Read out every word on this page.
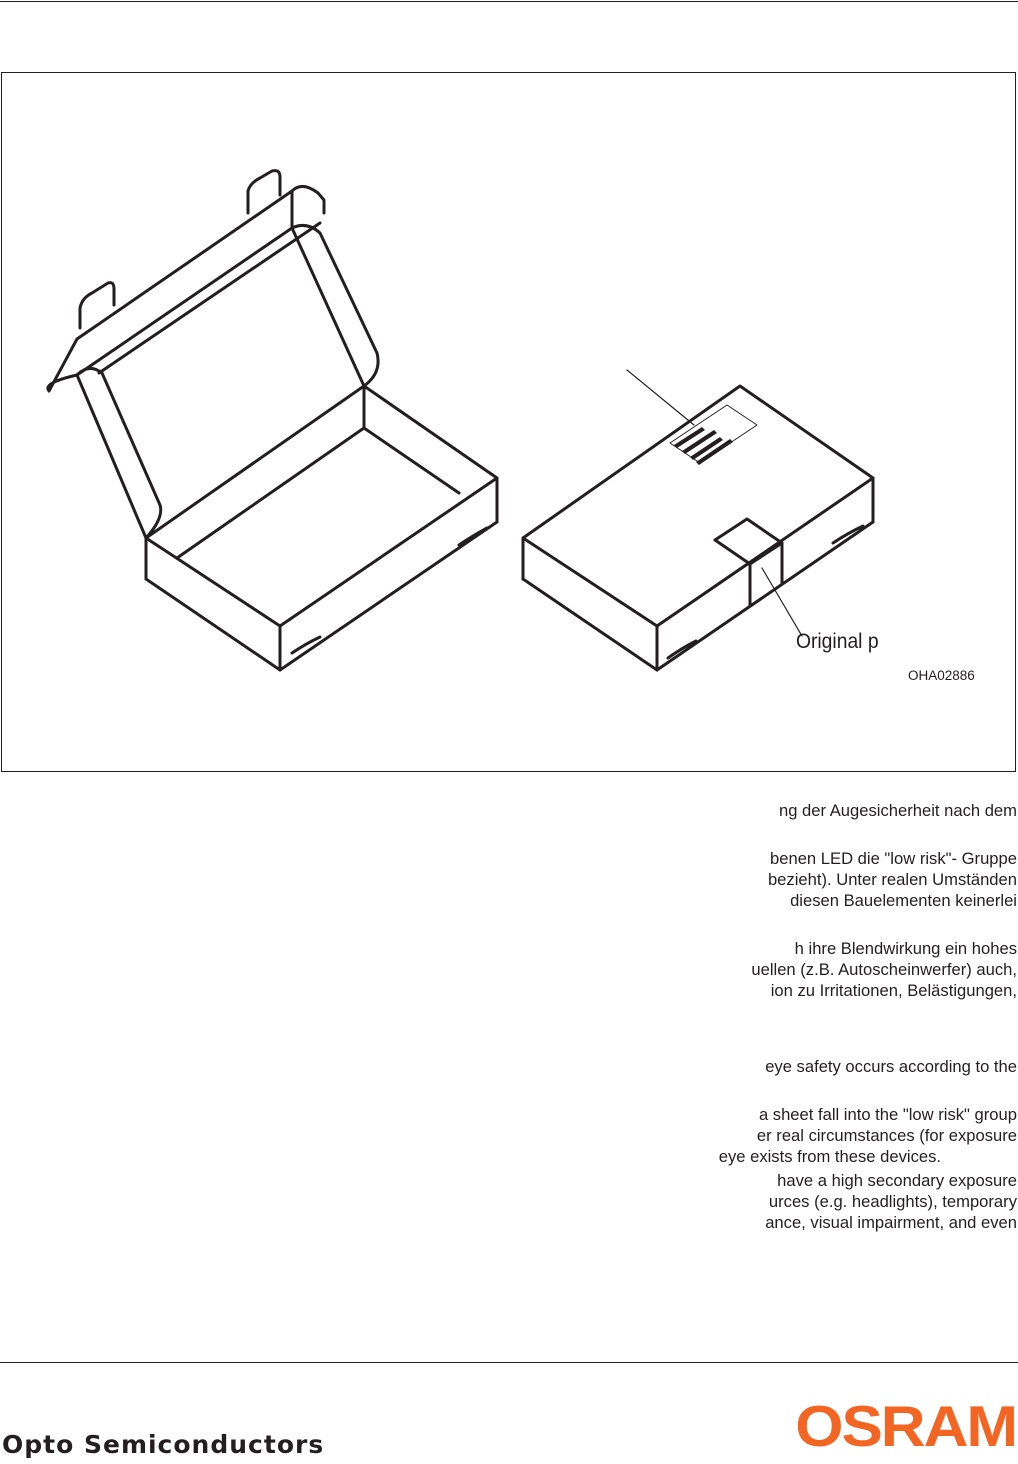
Original p
OHA02886
ng der Augesicherheit nach dem
benen LED die "low risk"- Gruppe
bezieht). Unter realen Umständen
diesen Bauelementen keinerlei
h ihre Blendwirkung ein hohes
uellen (z.B. Autoscheinwerfer) auch,
ion zu Irritationen, Belästigungen,
eye safety occurs according to the
a sheet fall into the "low risk" group
er real circumstances (for exposure
eye exists from these devices.
have a high secondary exposure
urces (e.g. headlights), temporary
ance, visual impairment, and even
Opto Semiconductors	OSRAM
